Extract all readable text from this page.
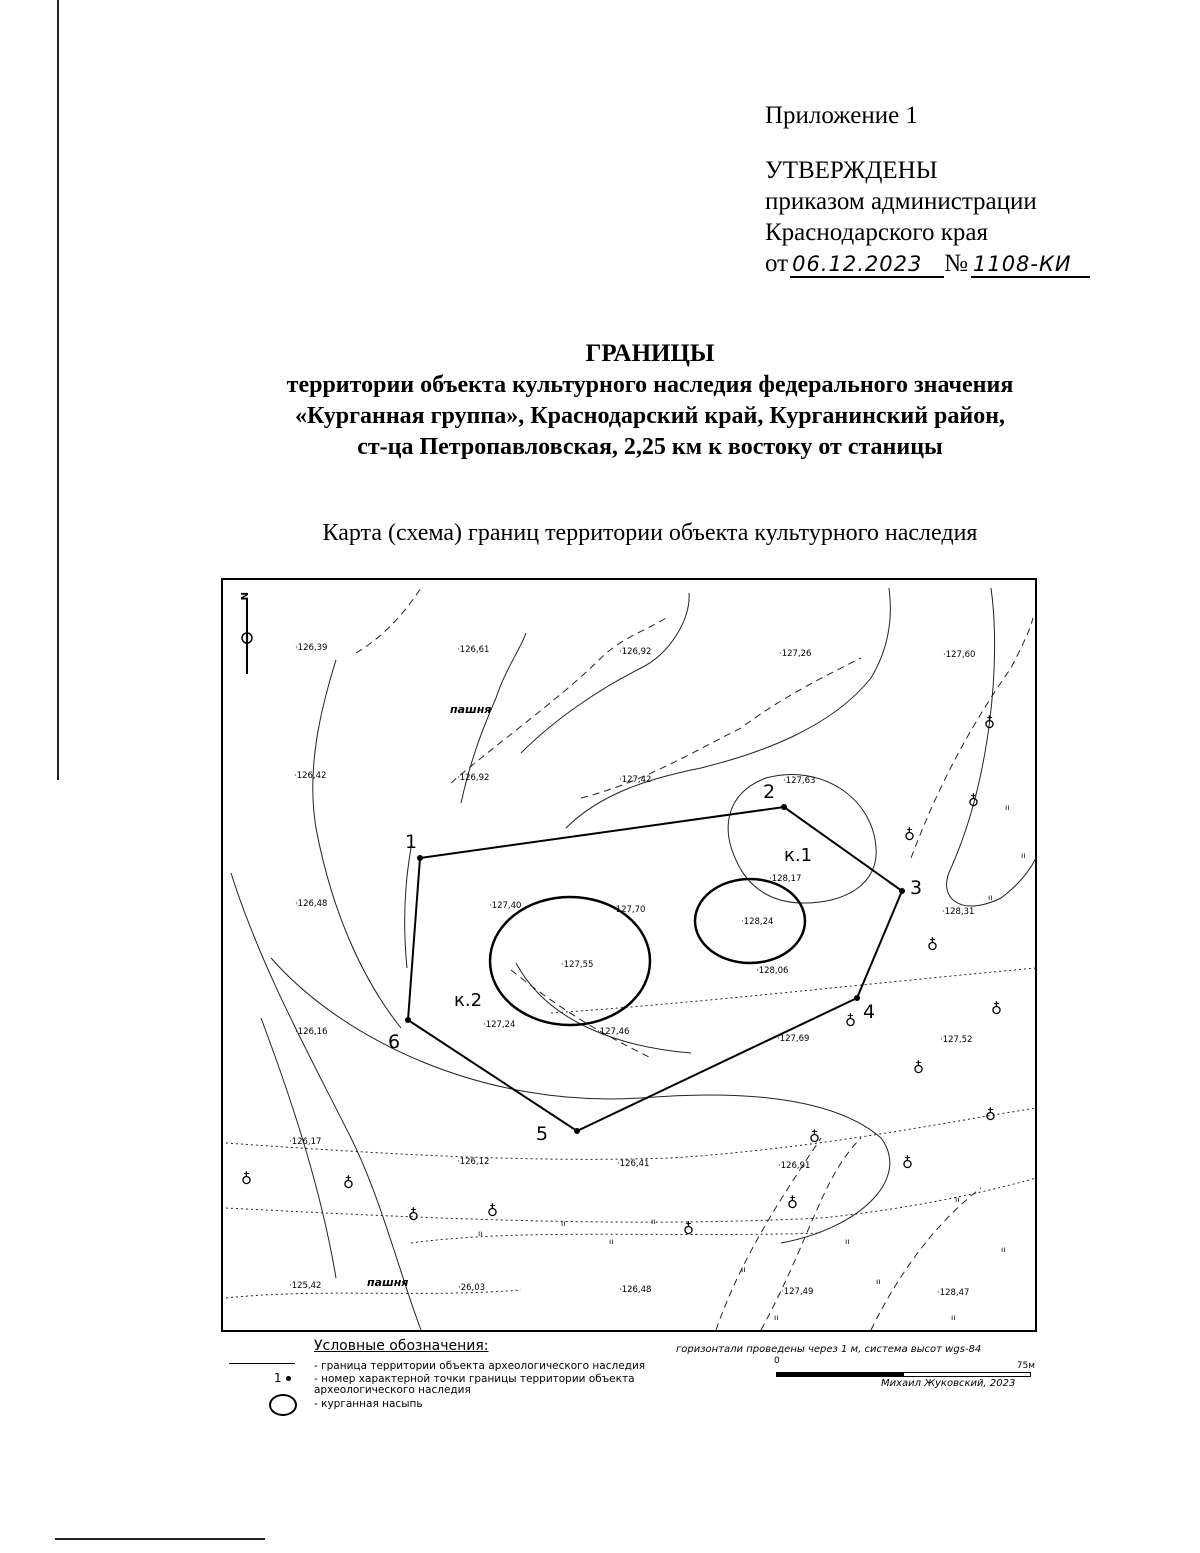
Приложение 1
УТВЕРЖДЕНЫ
приказом администрации
Краснодарского края
от 06.12.2023 № 1108-КИ
ГРАНИЦЫ
территории объекта культурного наследия федерального значения
«Курганная группа», Краснодарский край, Курганинский район,
ст-ца Петропавловская, 2,25 км к востоку от станицы
Карта (схема) границ территории объекта культурного наследия
1
2
3
4
5
6
к.1
к.2
пашня
пашня
N
·126,39	·126,61	·126,92	·127,26	·127,60
·126,42	·126,92	·127,42	·127,63
·126,48	·127,40	·127,70
·128,17
·128,24
·128,31
·127,55
·128,06
·126,16
·127,24
·127,46
·127,69	·127,52
·126,17
·126,12	·126,41	·126,91
·125,42	·26,03	·126,48	·127,49	·128,47
♁
♁
♁
♁
♁
♁
♁
♁
♁
♁
♁
♁
♁	♁
♁	♁
ıı
ıı
ıı
ıı
ıı	ıı
ıı
ıı	ıı
ıı
ıı
ıı
ıı	ıı
Условные обозначения:
- граница территории объекта археологического наследия
1	- номер характерной точки границы территории объекта
археологического наследия
- курганная насыпь
горизонтали проведены через 1 м, система высот wgs-84
0	75м
Михаил Жуковский, 2023
